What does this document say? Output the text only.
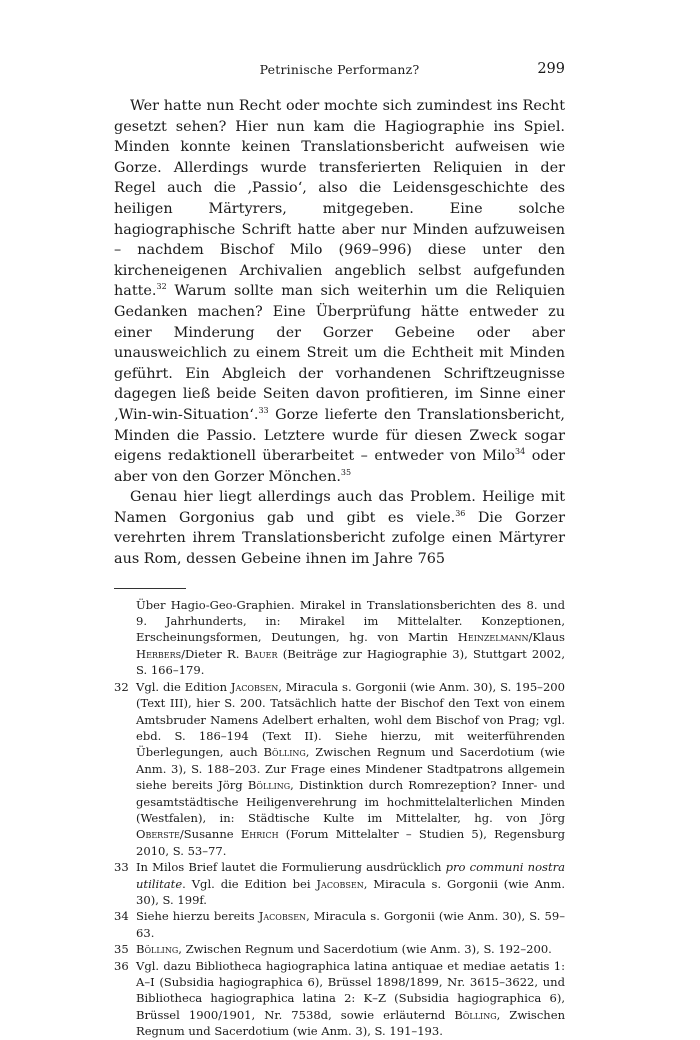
Petrinische Performanz?	299

Wer hatte nun Recht oder mochte sich zumindest ins Recht gesetzt sehen? Hier nun kam die Hagiographie ins Spiel. Minden konnte keinen Translationsbericht aufweisen wie Gorze. Allerdings wurde transferierten Reliquien in der Regel auch die ‚Passio‘, also die Leidensgeschichte des heiligen Märtyrers, mitgegeben. Eine solche hagiographische Schrift hatte aber nur Minden aufzuweisen – nachdem Bischof Milo (969–996) diese unter den kircheneigenen Archivalien angeblich selbst aufgefunden hatte.$^{32}$ Warum sollte man sich weiterhin um die Reliquien Gedanken machen? Eine Überprüfung hätte entweder zu einer Minderung der Gorzer Gebeine oder aber unausweichlich zu einem Streit um die Echtheit mit Minden geführt. Ein Abgleich der vorhandenen Schriftzeugnisse dagegen ließ beide Seiten davon profitieren, im Sinne einer ‚Win-win-Situation‘.$^{33}$ Gorze lieferte den Translationsbericht, Minden die Passio. Letztere wurde für diesen Zweck sogar eigens redaktionell überarbeitet – entweder von Milo$^{34}$ oder aber von den Gorzer Mönchen.$^{35}$

Genau hier liegt allerdings auch das Problem. Heilige mit Namen Gorgonius gab und gibt es viele.$^{36}$ Die Gorzer verehrten ihrem Translationsbericht zufolge einen Märtyrer aus Rom, dessen Gebeine ihnen im Jahre 765

Über Hagio-Geo-Graphien. Mirakel in Translationsberichten des 8. und 9. Jahrhunderts, in: Mirakel im Mittelalter. Konzeptionen, Erscheinungsformen, Deutungen, hg. von Martin Heinzelmann/Klaus Herbers/Dieter R. Bauer (Beiträge zur Hagiographie 3), Stuttgart 2002, S. 166–179.
32 Vgl. die Edition Jacobsen, Miracula s. Gorgonii (wie Anm. 30), S. 195–200 (Text III), hier S. 200. Tatsächlich hatte der Bischof den Text von einem Amtsbruder Namens Adelbert erhalten, wohl dem Bischof von Prag; vgl. ebd. S. 186–194 (Text II). Siehe hierzu, mit weiterführenden Überlegungen, auch Bölling, Zwischen Regnum und Sacerdotium (wie Anm. 3), S. 188–203. Zur Frage eines Mindener Stadtpatrons allgemein siehe bereits Jörg Bölling, Distinktion durch Romrezeption? Inner- und gesamtstädtische Heiligenverehrung im hochmittelalterlichen Minden (Westfalen), in: Städtische Kulte im Mittelalter, hg. von Jörg Oberste/Susanne Ehrich (Forum Mittelalter – Studien 5), Regensburg 2010, S. 53–77.
33 In Milos Brief lautet die Formulierung ausdrücklich pro communi nostra utilitate. Vgl. die Edition bei Jacobsen, Miracula s. Gorgonii (wie Anm. 30), S. 199f.
34 Siehe hierzu bereits Jacobsen, Miracula s. Gorgonii (wie Anm. 30), S. 59–63.
35 Bölling, Zwischen Regnum und Sacerdotium (wie Anm. 3), S. 192–200.
36 Vgl. dazu Bibliotheca hagiographica latina antiquae et mediae aetatis 1: A–I (Subsidia hagiographica 6), Brüssel 1898/1899, Nr. 3615–3622, und Bibliotheca hagiographica latina 2: K–Z (Subsidia hagiographica 6), Brüssel 1900/1901, Nr. 7538d, sowie erläuternd Bölling, Zwischen Regnum und Sacerdotium (wie Anm. 3), S. 191–193.
